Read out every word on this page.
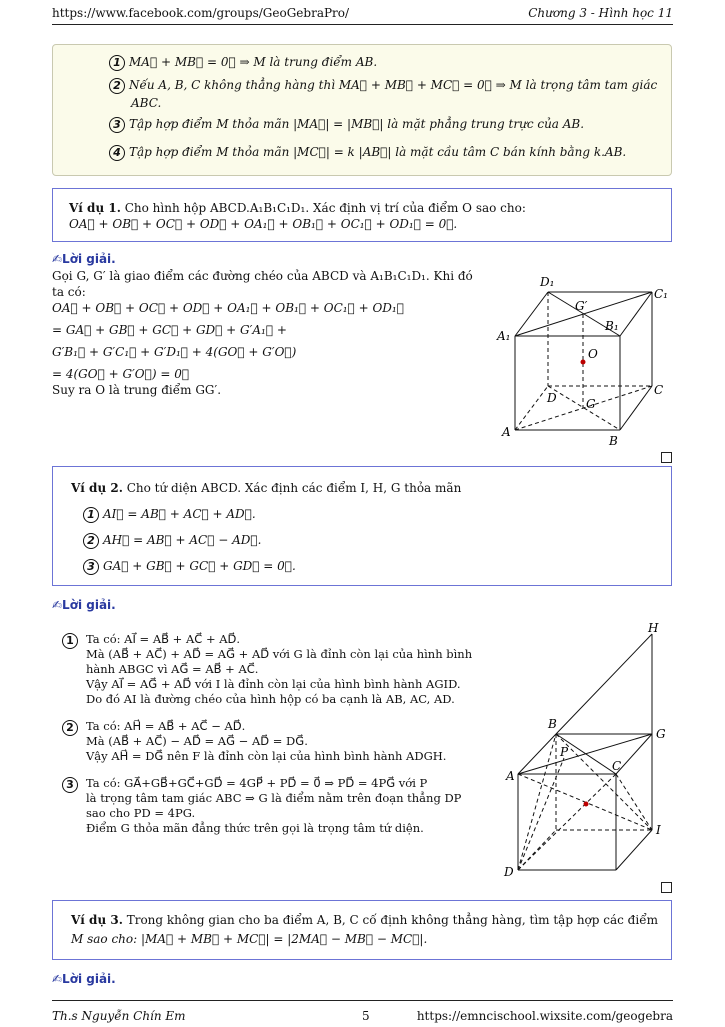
https://www.facebook.com/groups/GeoGebraPro/	Chương 3 - Hình học 11
1 MA⃗ + MB⃗ = 0⃗ ⇒ M là trung điểm AB.
2 Nếu A, B, C không thẳng hàng thì MA⃗ + MB⃗ + MC⃗ = 0⃗ ⇒ M là trọng tâm tam giác
ABC.
3 Tập hợp điểm M thỏa mãn |MA⃗| = |MB⃗| là mặt phẳng trung trực của AB.
4 Tập hợp điểm M thỏa mãn |MC⃗| = k |AB⃗| là mặt cầu tâm C bán kính bằng k.AB.
Ví dụ 1. Cho hình hộp ABCD.A₁B₁C₁D₁. Xác định vị trí của điểm O sao cho:
OA⃗ + OB⃗ + OC⃗ + OD⃗ + OA₁⃗ + OB₁⃗ + OC₁⃗ + OD₁⃗ = 0⃗.
✍Lời giải.
Gọi G, G′ là giao điểm các đường chéo của ABCD và A₁B₁C₁D₁. Khi đó
ta có:
OA⃗ + OB⃗ + OC⃗ + OD⃗ + OA₁⃗ + OB₁⃗ + OC₁⃗ + OD₁⃗
= GA⃗ + GB⃗ + GC⃗ + GD⃗ + G′A₁⃗ +
G′B₁⃗ + G′C₁⃗ + G′D₁⃗ + 4(GO⃗ + G′O⃗)
= 4(GO⃗ + G′O⃗) = 0⃗
Suy ra O là trung điểm GG′.
D₁
C₁
A₁
B₁
G′
O
D G
C
A
B
Ví dụ 2. Cho tứ diện ABCD. Xác định các điểm I, H, G thỏa mãn
1 AI⃗ = AB⃗ + AC⃗ + AD⃗.
2 AH⃗ = AB⃗ + AC⃗ − AD⃗.
3 GA⃗ + GB⃗ + GC⃗ + GD⃗ = 0⃗.
✍Lời giải.
1	Ta có: AI⃗ = AB⃗ + AC⃗ + AD⃗.
Mà (AB⃗ + AC⃗) + AD⃗ = AG⃗ + AD⃗ với G là đỉnh còn lại của hình bình
hành ABGC vì AG⃗ = AB⃗ + AC⃗.
Vậy AI⃗ = AG⃗ + AD⃗ với I là đỉnh còn lại của hình bình hành AGID.
Do đó AI là đường chéo của hình hộp có ba cạnh là AB, AC, AD.
2	Ta có: AH⃗ = AB⃗ + AC⃗ − AD⃗.
Mà (AB⃗ + AC⃗) − AD⃗ = AG⃗ − AD⃗ = DG⃗.
Vậy AH⃗ = DG⃗ nên F là đỉnh còn lại của hình bình hành ADGH.
3	Ta có: GA⃗+GB⃗+GC⃗+GD⃗ = 4GP⃗ + PD⃗ = 0⃗ ⇒ PD⃗ = 4PG⃗ với P
là trọng tâm tam giác ABC ⇒ G là điểm nằm trên đoạn thẳng DP
sao cho PD = 4PG.
Điểm G thỏa mãn đẳng thức trên gọi là trọng tâm tứ diện.
H
B
G
P
A
C
I
D
Ví dụ 3. Trong không gian cho ba điểm A, B, C cố định không thẳng hàng, tìm tập hợp các điểm
M sao cho: |MA⃗ + MB⃗ + MC⃗| = |2MA⃗ − MB⃗ − MC⃗|.
✍Lời giải.
Th.s Nguyễn Chín Em	5	https://emncischool.wixsite.com/geogebra
